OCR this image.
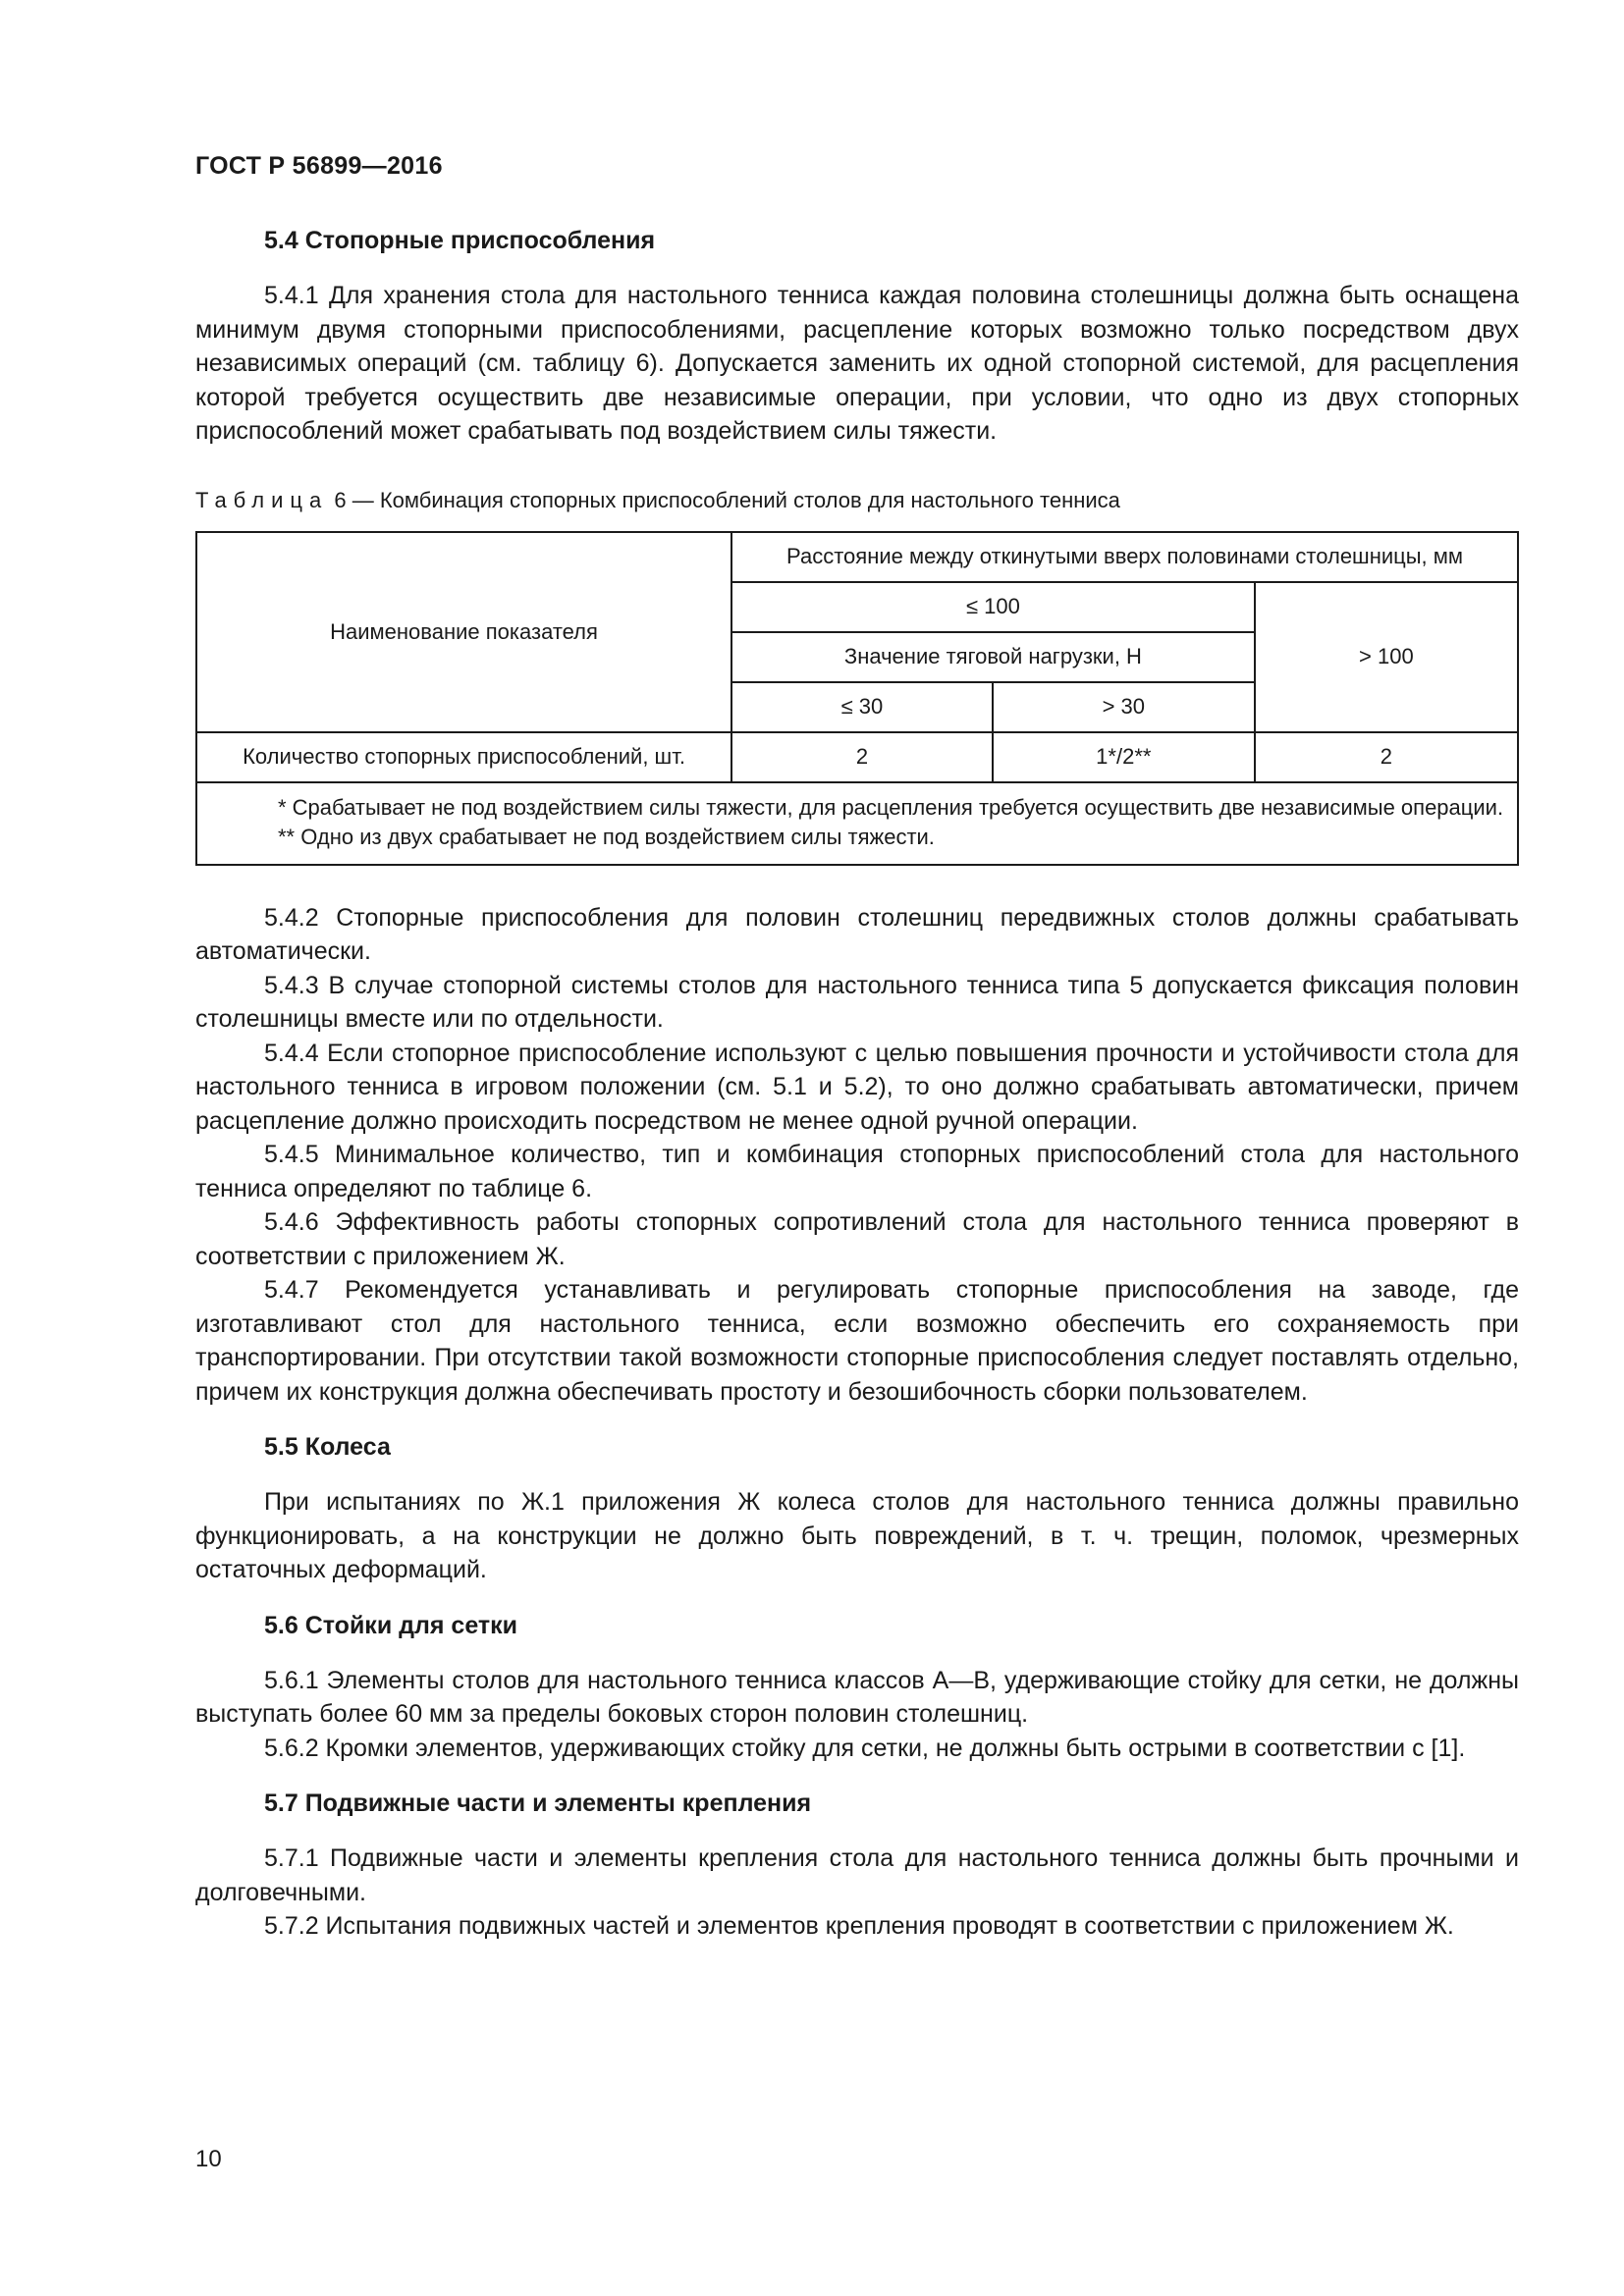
ГОСТ Р 56899—2016
5.4 Стопорные приспособления

5.4.1 Для хранения стола для настольного тенниса каждая половина столешницы должна быть оснащена минимум двумя стопорными приспособлениями, расцепление которых возможно только посредством двух независимых операций (см. таблицу 6). Допускается заменить их одной стопорной системой, для расцепления которой требуется осуществить две независимые операции, при условии, что одно из двух стопорных приспособлений может срабатывать под воздействием силы тяжести.

Таблица 6 — Комбинация стопорных приспособлений столов для настольного тенниса
Наименование показателя	Расстояние между откинутыми вверх половинами столешницы, мм		
	≤ 100		> 100
	Значение тяговой нагрузки, Н		
	≤ 30	> 30	
Количество стопорных приспособлений, шт.	2	1*/2**	2

* Срабатывает не под воздействием силы тяжести, для расцепления требуется осуществить две независимые операции.
** Одно из двух срабатывает не под воздействием силы тяжести.			

5.4.2 Стопорные приспособления для половин столешниц передвижных столов должны срабатывать автоматически.

5.4.3 В случае стопорной системы столов для настольного тенниса типа 5 допускается фиксация половин столешницы вместе или по отдельности.

5.4.4 Если стопорное приспособление используют с целью повышения прочности и устойчивости стола для настольного тенниса в игровом положении (см. 5.1 и 5.2), то оно должно срабатывать автоматически, причем расцепление должно происходить посредством не менее одной ручной операции.

5.4.5 Минимальное количество, тип и комбинация стопорных приспособлений стола для настольного тенниса определяют по таблице 6.

5.4.6 Эффективность работы стопорных сопротивлений стола для настольного тенниса проверяют в соответствии с приложением Ж.

5.4.7 Рекомендуется устанавливать и регулировать стопорные приспособления на заводе, где изготавливают стол для настольного тенниса, если возможно обеспечить его сохраняемость при транспортировании. При отсутствии такой возможности стопорные приспособления следует поставлять отдельно, причем их конструкция должна обеспечивать простоту и безошибочность сборки пользователем.

5.5 Колеса

При испытаниях по Ж.1 приложения Ж колеса столов для настольного тенниса должны правильно функционировать, а на конструкции не должно быть повреждений, в т. ч. трещин, поломок, чрезмерных остаточных деформаций.

5.6 Стойки для сетки

5.6.1 Элементы столов для настольного тенниса классов А—В, удерживающие стойку для сетки, не должны выступать более 60 мм за пределы боковых сторон половин столешниц.

5.6.2 Кромки элементов, удерживающих стойку для сетки, не должны быть острыми в соответствии с [1].

5.7 Подвижные части и элементы крепления

5.7.1 Подвижные части и элементы крепления стола для настольного тенниса должны быть прочными и долговечными.

5.7.2 Испытания подвижных частей и элементов крепления проводят в соответствии с приложением Ж.

10
